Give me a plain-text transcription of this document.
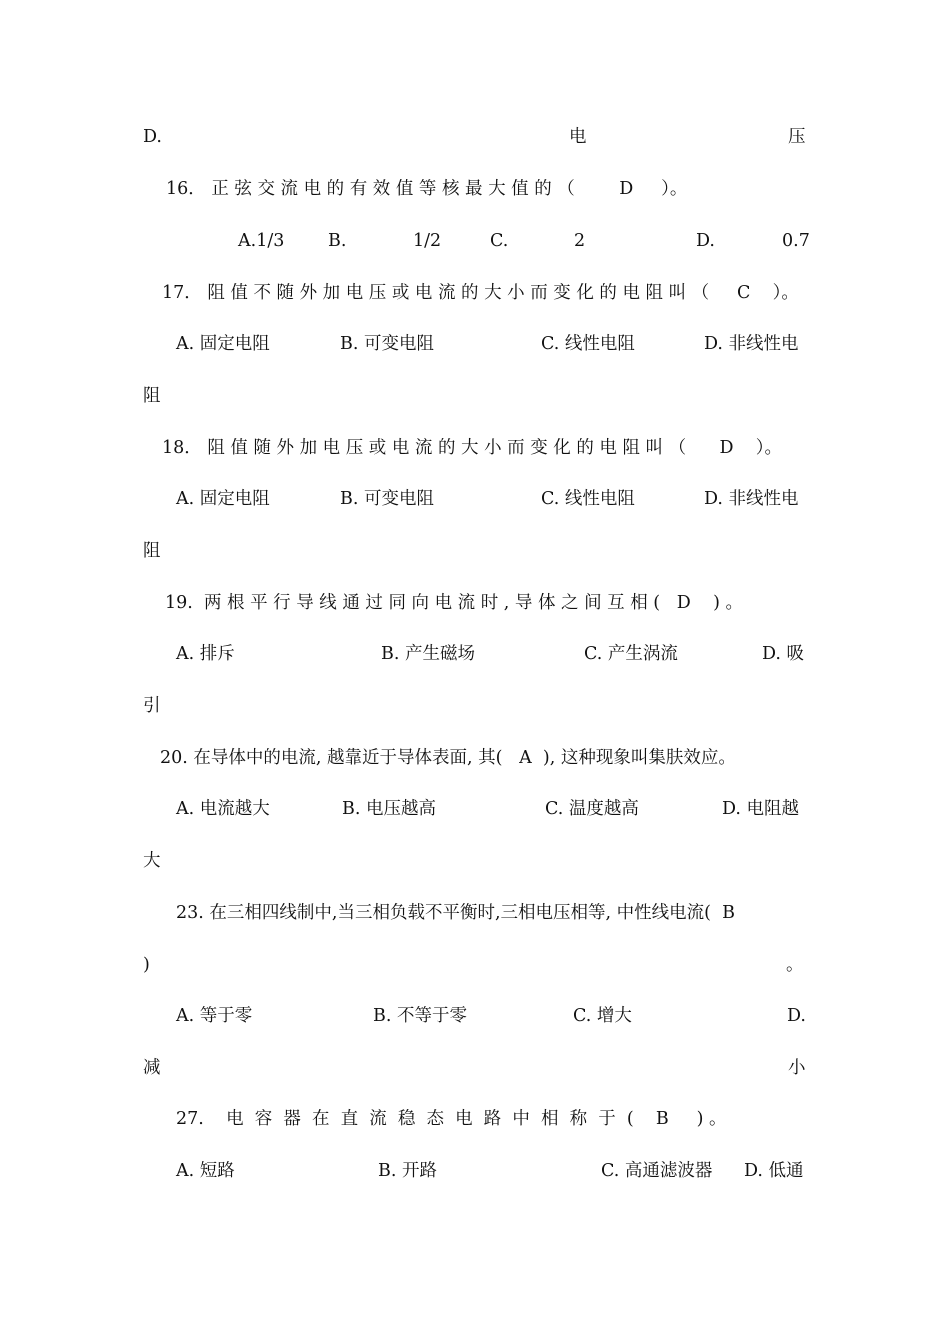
D.	电	压
16． 正 弦 交 流 电 的 有 效 值 等 核 最 大 值 的 （        D     ）。
A.1/3 B.	1/2	C.	2	D.	0.7
17． 阻 值 不 随 外 加 电 压 或 电 流 的 大 小 而 变 化 的 电 阻 叫 （     C    ）。
A. 固定电阻	B. 可变电阻	C. 线性电阻	D. 非线性电
阻
18． 阻 值 随 外 加 电 压 或 电 流 的 大 小 而 变 化 的 电 阻 叫 （      D    ）。
A. 固定电阻	B. 可变电阻	C. 线性电阻	D. 非线性电
阻
19.  两 根 平 行 导 线 通 过 同 向 电 流 时 , 导 体 之 间 互 相 (   D    ) 。
A. 排斥	B. 产生磁场	C. 产生涡流	D. 吸
引
20. 在导体中的电流, 越靠近于导体表面, 其(   A  ), 这种现象叫集肤效应。
A. 电流越大	B. 电压越高	C. 温度越高	D. 电阻越
大
23. 在三相四线制中,当三相负载不平衡时,三相电压相等, 中性线电流(  B
)	。
A. 等于零	B. 不等于零	C. 增大	D.
减	小
27.    电  容  器  在  直  流  稳  态  电  路  中  相  称  于  (    B     ) 。
A. 短路	B. 开路	C. 高通滤波器 D. 低通
